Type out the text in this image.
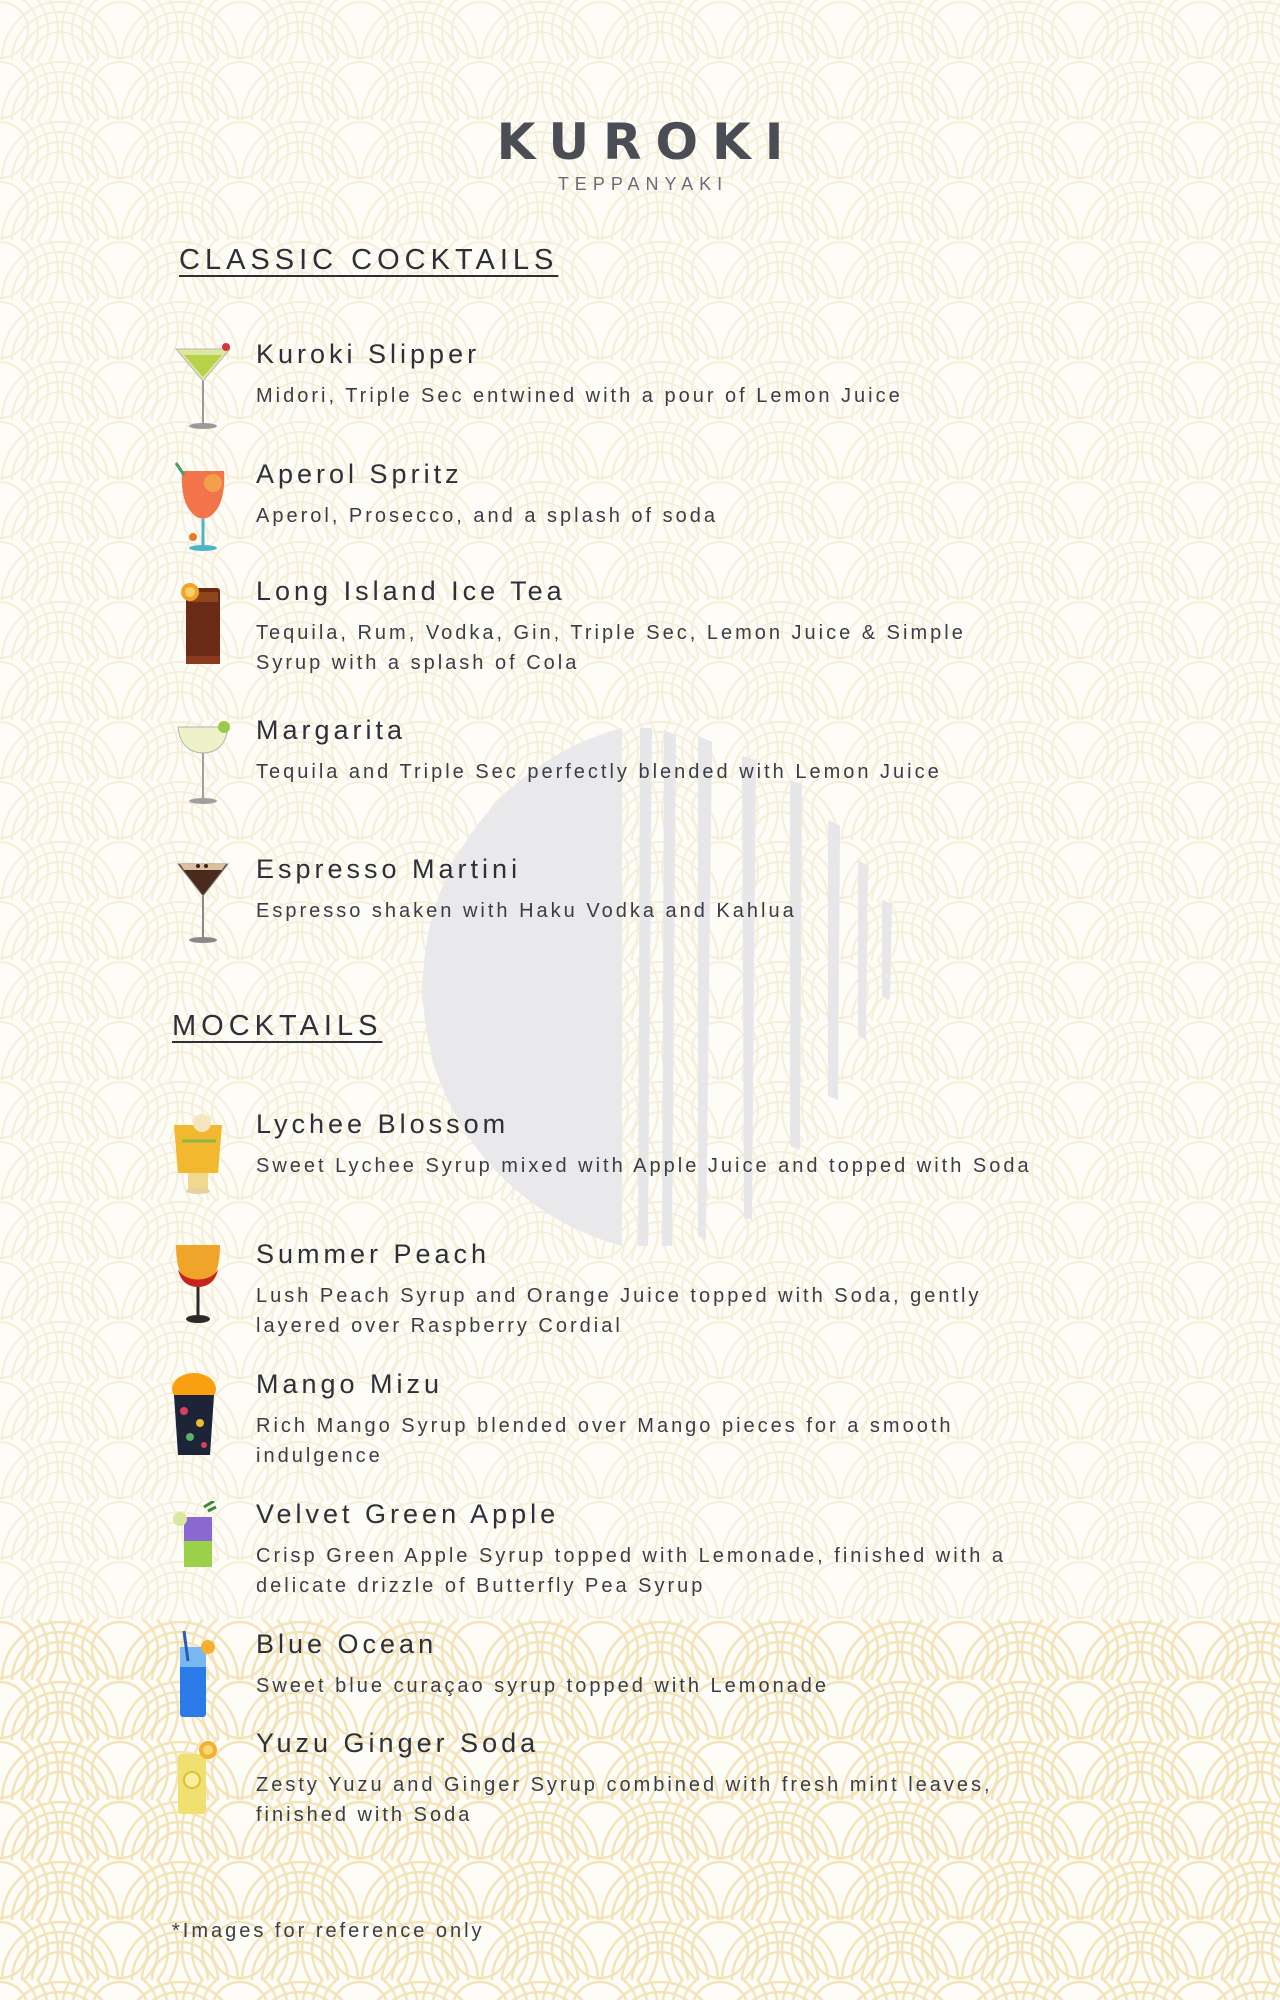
KUROKI
TEPPANYAKI
CLASSIC COCKTAILS
Kuroki Slipper
Midori, Triple Sec entwined with a pour of Lemon Juice
Aperol Spritz
Aperol, Prosecco, and a splash of soda
Long Island Ice Tea
Tequila, Rum, Vodka, Gin, Triple Sec, Lemon Juice & Simple Syrup with a splash of Cola
Margarita
Tequila and Triple Sec perfectly blended with Lemon Juice
Espresso Martini
Espresso shaken with Haku Vodka and Kahlua
MOCKTAILS
Lychee Blossom
Sweet Lychee Syrup mixed with Apple Juice and topped with Soda
Summer Peach
Lush Peach Syrup and Orange Juice topped with Soda, gently layered over Raspberry Cordial
Mango Mizu
Rich Mango Syrup blended over Mango pieces for a smooth indulgence
Velvet Green Apple
Crisp Green Apple Syrup topped with Lemonade, finished with a delicate drizzle of Butterfly Pea Syrup
Blue Ocean
Sweet blue curaçao syrup topped with Lemonade
Yuzu Ginger Soda
Zesty Yuzu and Ginger Syrup combined with fresh mint leaves, finished with Soda
*Images for reference only
